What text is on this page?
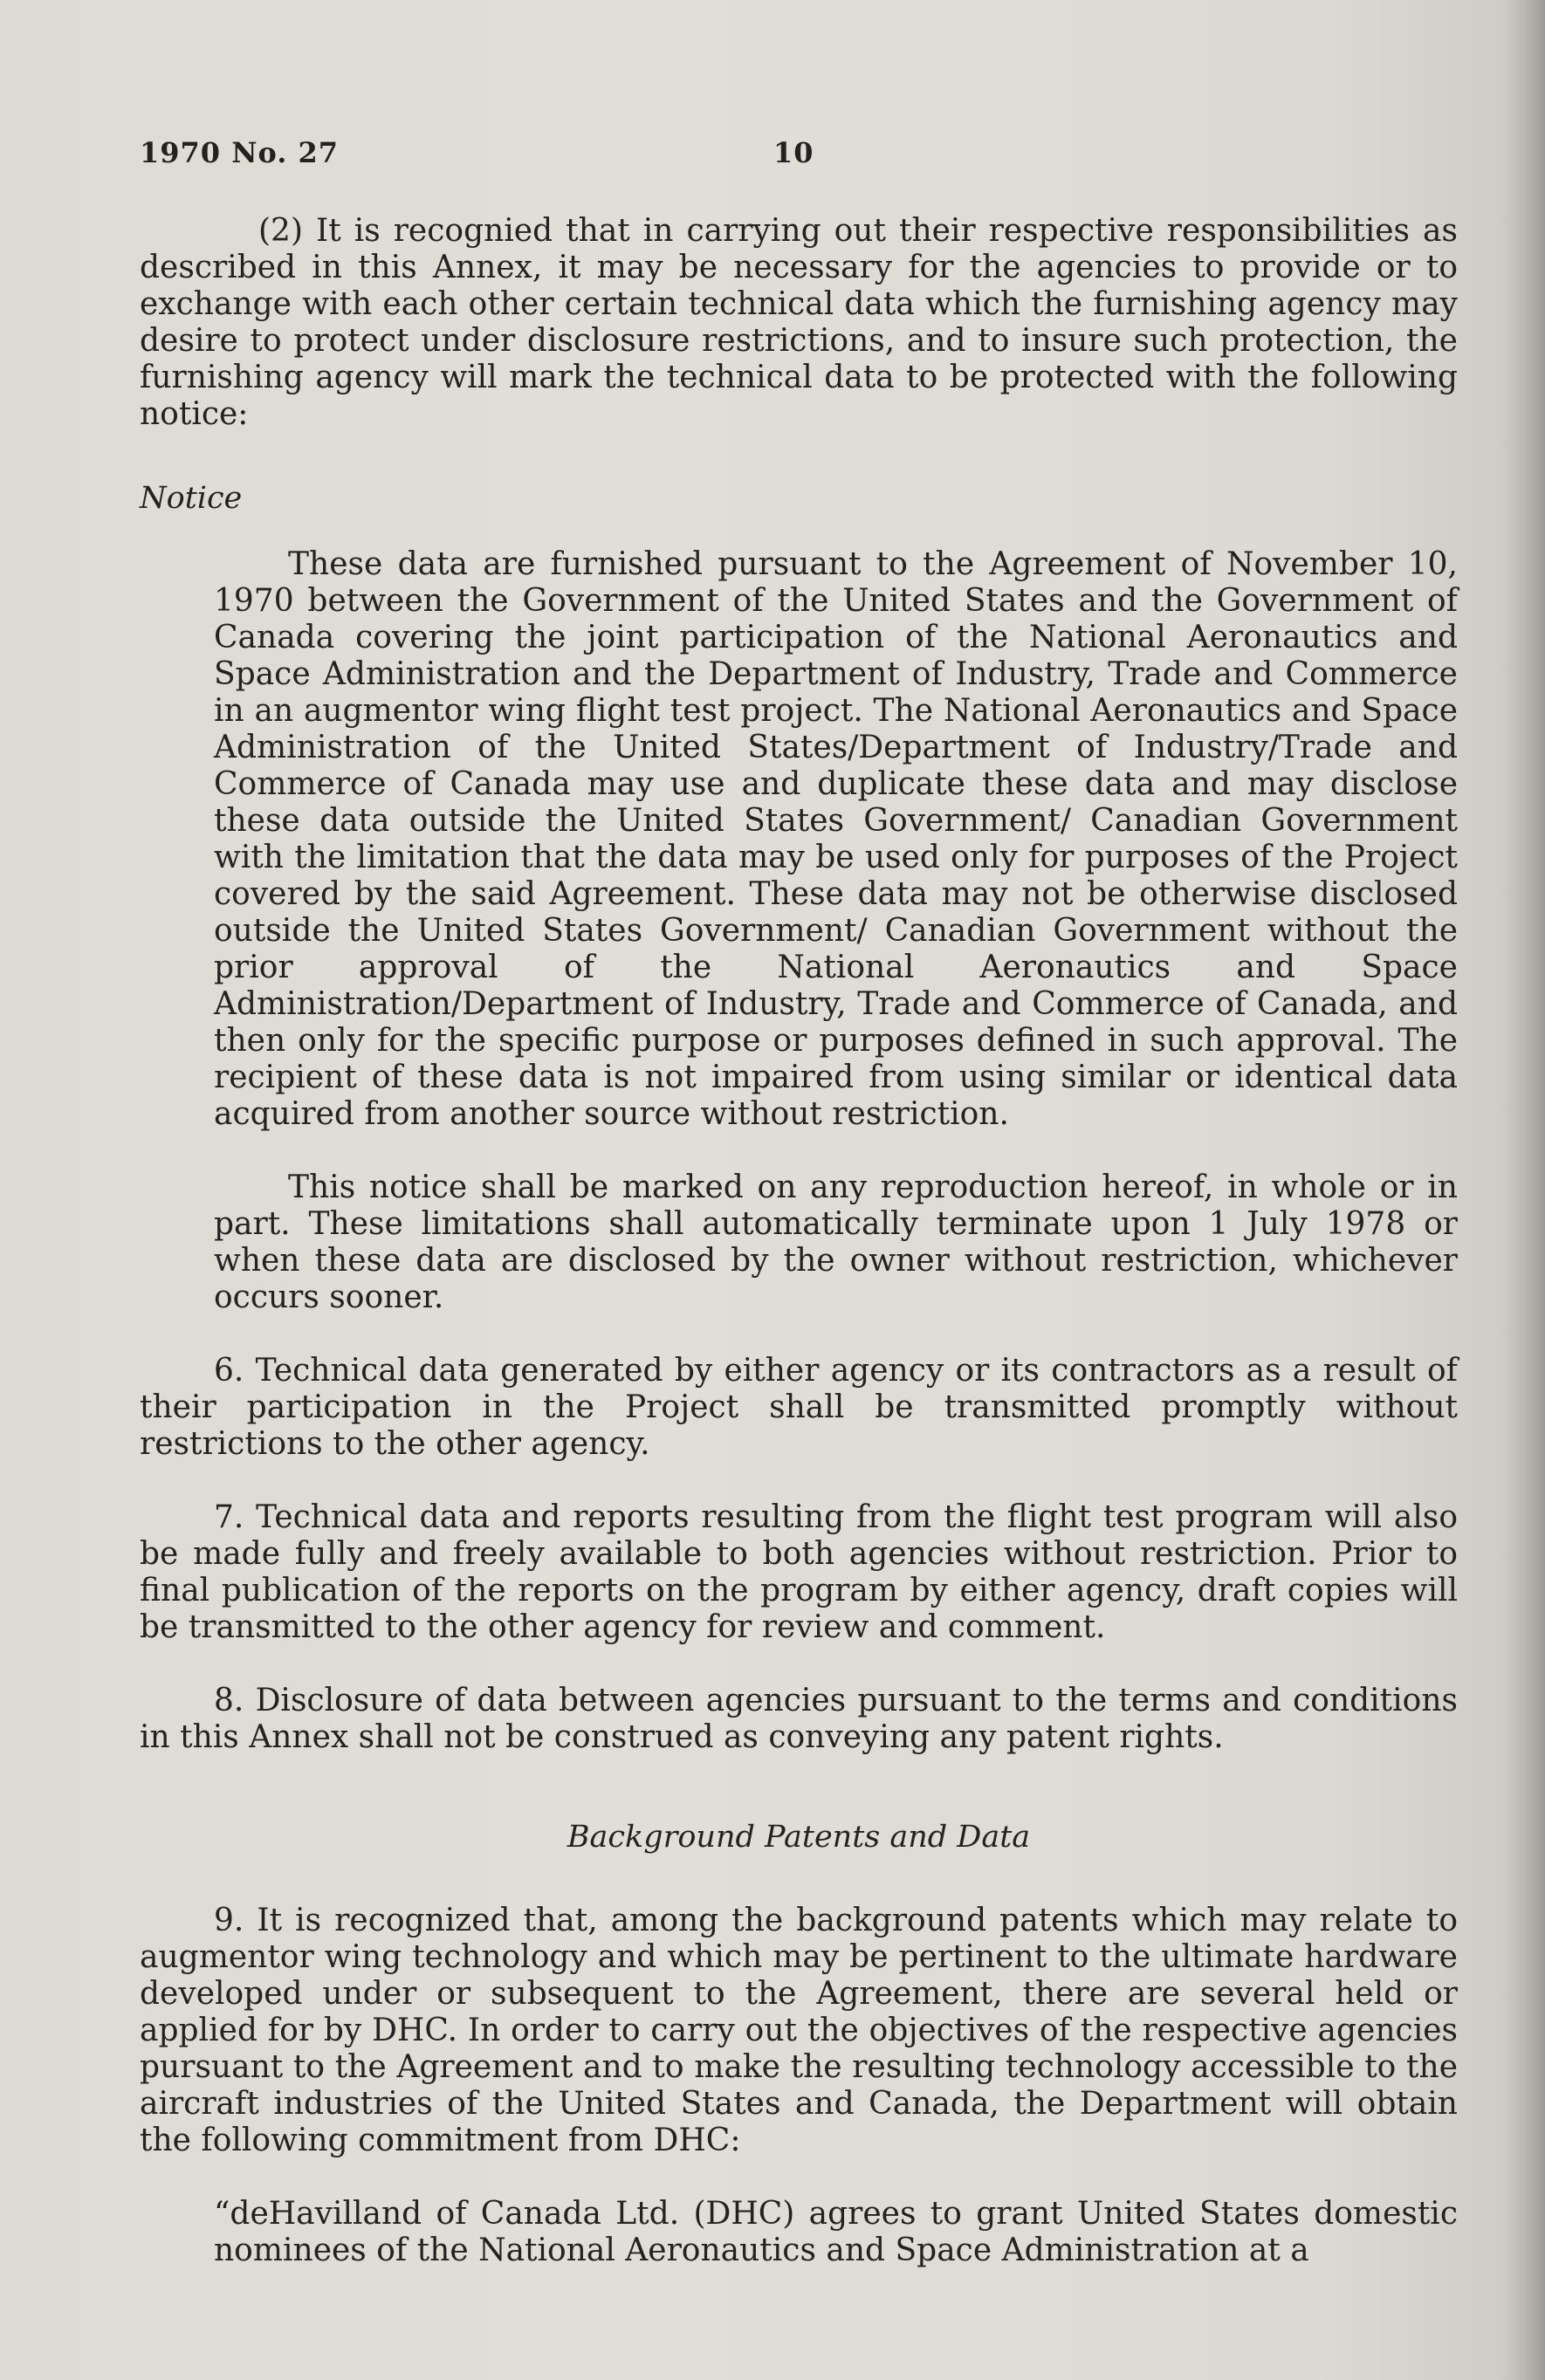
1970 No. 27	10

(2) It is recognied that in carrying out their respective responsibilities as described in this Annex, it may be necessary for the agencies to provide or to exchange with each other certain technical data which the furnishing agency may desire to protect under disclosure restrictions, and to insure such protection, the furnishing agency will mark the technical data to be protected with the following notice:

Notice

These data are furnished pursuant to the Agreement of November 10, 1970 between the Government of the United States and the Government of Canada covering the joint participation of the National Aeronautics and Space Administration and the Department of Industry, Trade and Commerce in an augmentor wing flight test project. The National Aeronautics and Space Administration of the United States/Department of Industry/Trade and Commerce of Canada may use and duplicate these data and may disclose these data outside the United States Government/ Canadian Government with the limitation that the data may be used only for purposes of the Project covered by the said Agreement. These data may not be otherwise disclosed outside the United States Government/ Canadian Government without the prior approval of the National Aeronautics and Space Administration/Department of Industry, Trade and Commerce of Canada, and then only for the specific purpose or purposes defined in such approval. The recipient of these data is not impaired from using similar or identical data acquired from another source without restriction.

This notice shall be marked on any reproduction hereof, in whole or in part. These limitations shall automatically terminate upon 1 July 1978 or when these data are disclosed by the owner without restriction, whichever occurs sooner.

6. Technical data generated by either agency or its contractors as a result of their participation in the Project shall be transmitted promptly without restrictions to the other agency.

7. Technical data and reports resulting from the flight test program will also be made fully and freely available to both agencies without restriction. Prior to final publication of the reports on the program by either agency, draft copies will be transmitted to the other agency for review and comment.

8. Disclosure of data between agencies pursuant to the terms and conditions in this Annex shall not be construed as conveying any patent rights.

Background Patents and Data

9. It is recognized that, among the background patents which may relate to augmentor wing technology and which may be pertinent to the ultimate hardware developed under or subsequent to the Agreement, there are several held or applied for by DHC. In order to carry out the objectives of the respective agencies pursuant to the Agreement and to make the resulting technology accessible to the aircraft industries of the United States and Canada, the Department will obtain the following commitment from DHC:

“deHavilland of Canada Ltd. (DHC) agrees to grant United States domestic nominees of the National Aeronautics and Space Administration at a
